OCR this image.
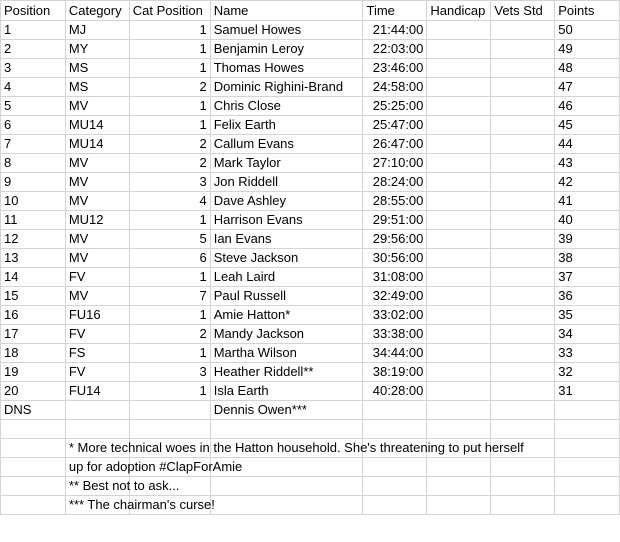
Position	Category	Cat Position	Name	Time	Handicap	Vets Std	Points
1	MJ	1	Samuel Howes	21:44:00			50
2	MY	1	Benjamin Leroy	22:03:00			49
3	MS	1	Thomas Howes	23:46:00			48
4	MS	2	Dominic Righini-Brand	24:58:00			47
5	MV	1	Chris Close	25:25:00			46
6	MU14	1	Felix Earth	25:47:00			45
7	MU14	2	Callum Evans	26:47:00			44
8	MV	2	Mark Taylor	27:10:00			43
9	MV	3	Jon Riddell	28:24:00			42
10	MV	4	Dave Ashley	28:55:00			41
11	MU12	1	Harrison Evans	29:51:00			40
12	MV	5	Ian Evans	29:56:00			39
13	MV	6	Steve Jackson	30:56:00			38
14	FV	1	Leah Laird	31:08:00			37
15	MV	7	Paul Russell	32:49:00			36
16	FU16	1	Amie Hatton*	33:02:00			35
17	FV	2	Mandy Jackson	33:38:00			34
18	FS	1	Martha Wilson	34:44:00			33
19	FV	3	Heather Riddell**	38:19:00			32
20	FU14	1	Isla Earth	40:28:00			31
DNS			Dennis Owen***				

	* More technical woes in the Hatton household. She's threatening to put herself						

	up for adoption #ClapForAmie						

	** Best not to ask...						

	*** The chairman's curse!						
